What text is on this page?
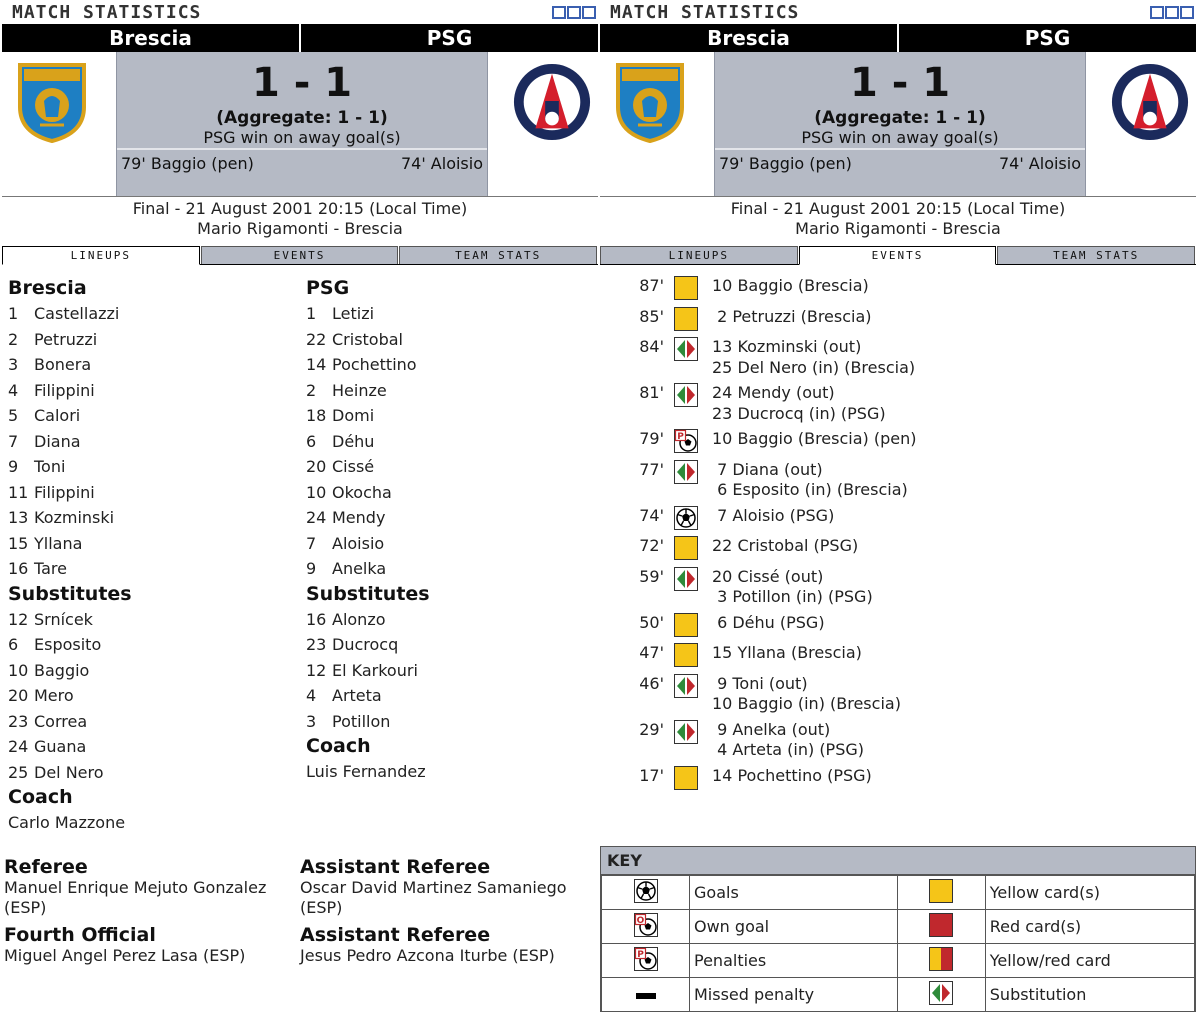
MATCH STATISTICS
Brescia	PSG
1 - 1
(Aggregate: 1 - 1)
PSG win on away goal(s)
79' Baggio (pen)	74' Aloisio
Final - 21 August 2001 20:15 (Local Time)
Mario Rigamonti - Brescia
LINEUPS	EVENTS	TEAM STATS
Brescia
1 Castellazzi
2 Petruzzi
3 Bonera
4 Filippini
5 Calori
7 Diana
9 Toni
11 Filippini
13 Kozminski
15 Yllana
16 Tare
Substitutes
12 Srnícek
6 Esposito
10 Baggio
20 Mero
23 Correa
24 Guana
25 Del Nero
Coach
Carlo Mazzone
PSG
1 Letizi
22 Cristobal
14 Pochettino
2 Heinze
18 Domi
6 Déhu
20 Cissé
10 Okocha
24 Mendy
7 Aloisio
9 Anelka
Substitutes
16 Alonzo
23 Ducrocq
12 El Karkouri
4 Arteta
3 Potillon
Coach
Luis Fernandez
Referee

Manuel Enrique Mejuto Gonzalez (ESP)

Assistant Referee

Oscar David Martinez Samaniego (ESP)

Fourth Official

Miguel Angel Perez Lasa (ESP)

Assistant Referee

Jesus Pedro Azcona Iturbe (ESP)

MATCH STATISTICS
Brescia	PSG
1 - 1
(Aggregate: 1 - 1)
PSG win on away goal(s)
79' Baggio (pen)	74' Aloisio
Final - 21 August 2001 20:15 (Local Time)
Mario Rigamonti - Brescia
LINEUPS	EVENTS	TEAM STATS
87'	10 Baggio (Brescia)
85'	2 Petruzzi (Brescia)
84'	13 Kozminski (out)
25 Del Nero (in) (Brescia)
81'	24 Mendy (out)
23 Ducrocq (in) (PSG)
79' P 10 Baggio (Brescia) (pen)
77'	7 Diana (out)
6 Esposito (in) (Brescia)
74'	7 Aloisio (PSG)
72'	22 Cristobal (PSG)
59'	20 Cissé (out)
3 Potillon (in) (PSG)
50'	6 Déhu (PSG)
47'	15 Yllana (Brescia)
46'	9 Toni (out)
10 Baggio (in) (Brescia)
29'	9 Anelka (out)
4 Arteta (in) (PSG)
17'	14 Pochettino (PSG)
KEY
	Goals		Yellow card(s)

O	Own goal		Red card(s)

P	Penalties		Yellow/red card
	Missed penalty		Substitution
